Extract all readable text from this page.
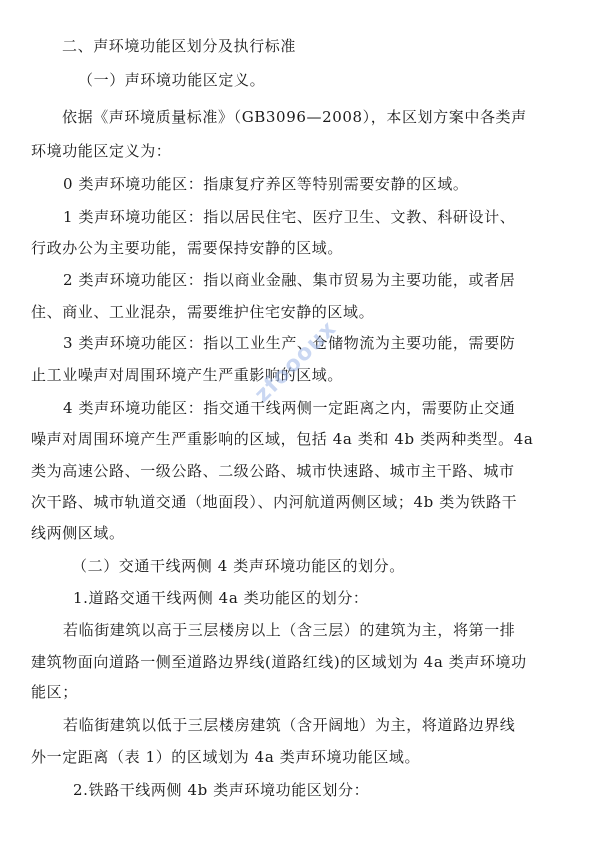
二、声环境功能区划分及执行标准
（一）声环境功能区定义。
依据《声环境质量标准》（GB3096—2008），本区划方案中各类声
环境功能区定义为：
0 类声环境功能区：指康复疗养区等特别需要安静的区域。
1 类声环境功能区：指以居民住宅、医疗卫生、文教、科研设计、
行政办公为主要功能，需要保持安静的区域。
2 类声环境功能区：指以商业金融、集市贸易为主要功能，或者居
住、商业、工业混杂，需要维护住宅安静的区域。
3 类声环境功能区：指以工业生产、仓储物流为主要功能，需要防
止工业噪声对周围环境产生严重影响的区域。
4 类声环境功能区：指交通干线两侧一定距离之内，需要防止交通
噪声对周围环境产生严重影响的区域，包括 4a 类和 4b 类两种类型。4a
类为高速公路、一级公路、二级公路、城市快速路、城市主干路、城市
次干路、城市轨道交通（地面段）、内河航道两侧区域；4b 类为铁路干
线两侧区域。
（二）交通干线两侧 4 类声环境功能区的划分。
1.道路交通干线两侧 4a 类功能区的划分：
若临街建筑以高于三层楼房以上（含三层）的建筑为主，将第一排
建筑物面向道路一侧至道路边界线(道路红线)的区域划为 4a 类声环境功
能区；
若临街建筑以低于三层楼房建筑（含开阔地）为主，将道路边界线
外一定距离（表 1）的区域划为 4a 类声环境功能区域。
2.铁路干线两侧 4b 类声环境功能区划分：
zfoooux
